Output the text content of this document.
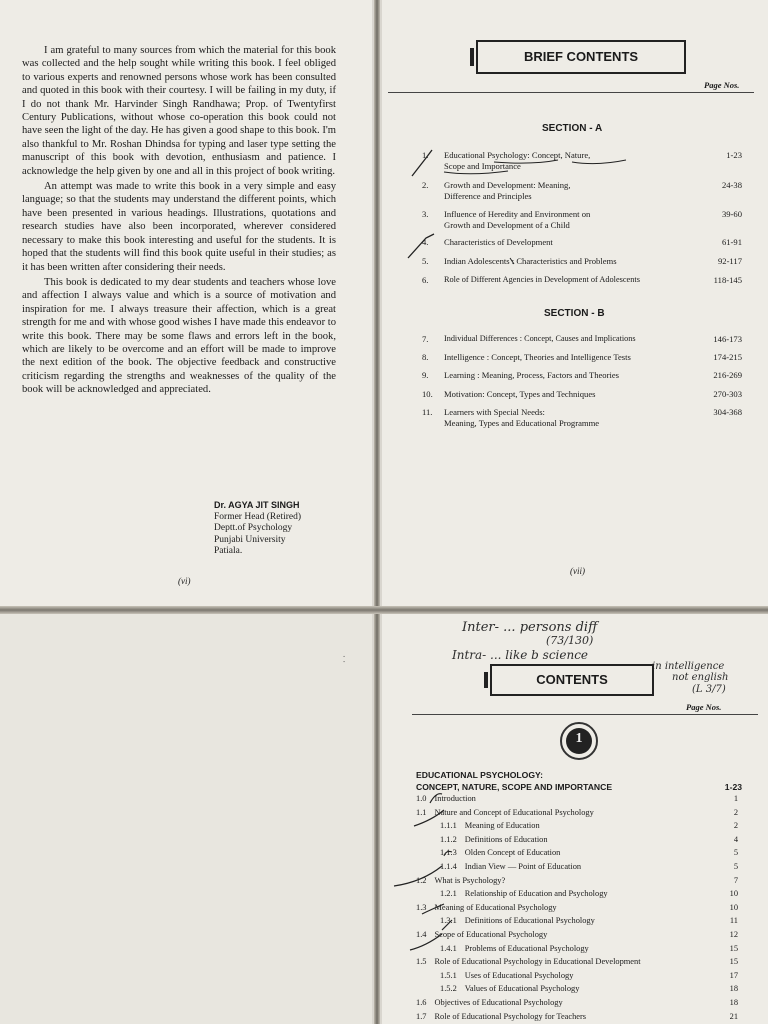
I am grateful to many sources from which the material for this book was collected and the help sought while writing this book. I feel obliged to various experts and renowned persons whose work has been consulted and quoted in this book with their courtesy. I will be failing in my duty, if I do not thank Mr. Harvinder Singh Randhawa; Prop. of Twentyfirst Century Publications, without whose co-operation this book could not have seen the light of the day. He has given a good shape to this book. I'm also thankful to Mr. Roshan Dhindsa for typing and laser type setting the manuscript of this book with devotion, enthusiasm and patience. I acknowledge the help given by one and all in this project of book writing.

An attempt was made to write this book in a very simple and easy language; so that the students may understand the different points, which have been presented in various headings. Illustrations, quotations and research studies have also been incorporated, wherever considered necessary to make this book interesting and useful for the students. It is hoped that the students will find this book quite useful in their studies; as it has been written after considering their needs.

This book is dedicated to my dear students and teachers whose love and affection I always value and which is a source of motivation and inspiration for me. I always treasure their affection, which is a great strength for me and with whose good wishes I have made this endeavor to write this book. There may be some flaws and errors left in the book, which are likely to be overcome and an effort will be made to improve the next edition of the book. The objective feedback and constructive criticism regarding the strengths and weaknesses of the quality of the book will be acknowledged and appreciated.

Dr. AGYA JIT SINGH
Former Head (Retired)
Deptt.of Psychology
Punjabi University
Patiala.
(vi)
BRIEF CONTENTS
Page Nos.
SECTION - A
1.	Educational Psychology: Concept, Nature,
Scope and Importance
1-23
2.	Growth and Development: Meaning,
Difference and Principles
24-38
3.	Influence of Heredity and Environment on
Growth and Development of a Child
39-60
4.	Characteristics of Development	61-91
5.	Indian Adolescents : Characteristics and Problems	92-117
6.	Role of Different Agencies in Development of Adolescents	118-145
SECTION - B
7.	Individual Differences : Concept, Causes and Implications	146-173
8.	Intelligence : Concept, Theories and Intelligence Tests	174-215
9.	Learning : Meaning, Process, Factors and Theories	216-269
10.	Motivation: Concept, Types and Techniques	270-303
11.	Learners with Special Needs:
Meaning, Types and Educational Programme
304-368
(vii)
· ·
Inter- ... persons diff
(73/130)
Intra- ... like b science
in intelligence
not english
(L 3/7)
CONTENTS
Page Nos.
1
EDUCATIONAL PSYCHOLOGY:
CONCEPT, NATURE, SCOPE AND IMPORTANCE	1-23
1.0 Introduction	1
1.1 Nature and Concept of Educational Psychology	2
1.1.1 Meaning of Education	2
1.1.2 Definitions of Education	4
1.1.3 Olden Concept of Education	5
1.1.4 Indian View — Point of Education	5
1.2 What is Psychology?	7
1.2.1 Relationship of Education and Psychology	10
1.3 Meaning of Educational Psychology	10
1.3.1 Definitions of Educational Psychology	11
1.4 Scope of Educational Psychology	12
1.4.1 Problems of Educational Psychology	15
1.5 Role of Educational Psychology in Educational Development	15
1.5.1 Uses of Educational Psychology	17
1.5.2 Values of Educational Psychology	18
1.6 Objectives of Educational Psychology	18
1.7 Role of Educational Psychology for Teachers	21
